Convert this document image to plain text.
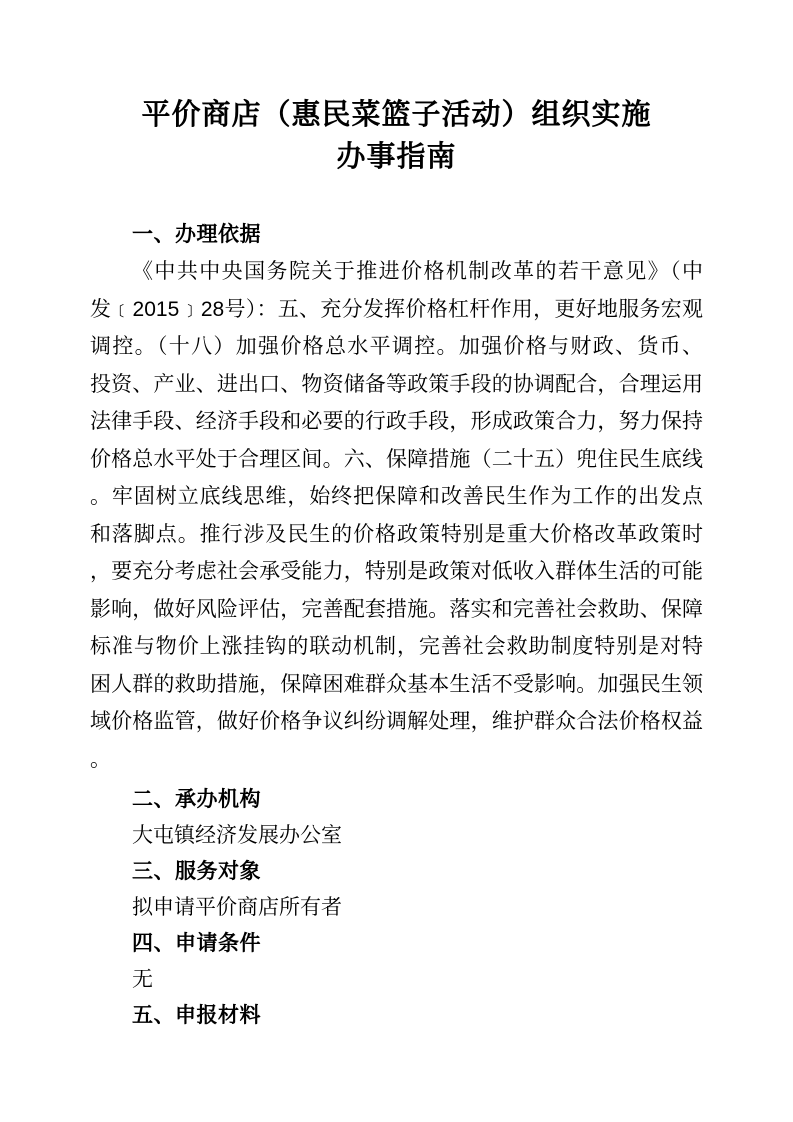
平价商店（惠民菜篮子活动）组织实施
办事指南
一、办理依据
《中共中央国务院关于推进价格机制改革的若干意见》（中
发﹝2015﹞28号）：五、充分发挥价格杠杆作用，更好地服务宏观
调控。（十八）加强价格总水平调控。加强价格与财政、货币、
投资、产业、进出口、物资储备等政策手段的协调配合，合理运用
法律手段、经济手段和必要的行政手段，形成政策合力，努力保持
价格总水平处于合理区间。六、保障措施（二十五）兜住民生底线
。牢固树立底线思维，始终把保障和改善民生作为工作的出发点
和落脚点。推行涉及民生的价格政策特别是重大价格改革政策时
，要充分考虑社会承受能力，特别是政策对低收入群体生活的可能
影响，做好风险评估，完善配套措施。落实和完善社会救助、保障
标准与物价上涨挂钩的联动机制，完善社会救助制度特别是对特
困人群的救助措施，保障困难群众基本生活不受影响。加强民生领
域价格监管，做好价格争议纠纷调解处理，维护群众合法价格权益
。
二、承办机构
大屯镇经济发展办公室
三、服务对象
拟申请平价商店所有者
四、申请条件
无
五、申报材料
